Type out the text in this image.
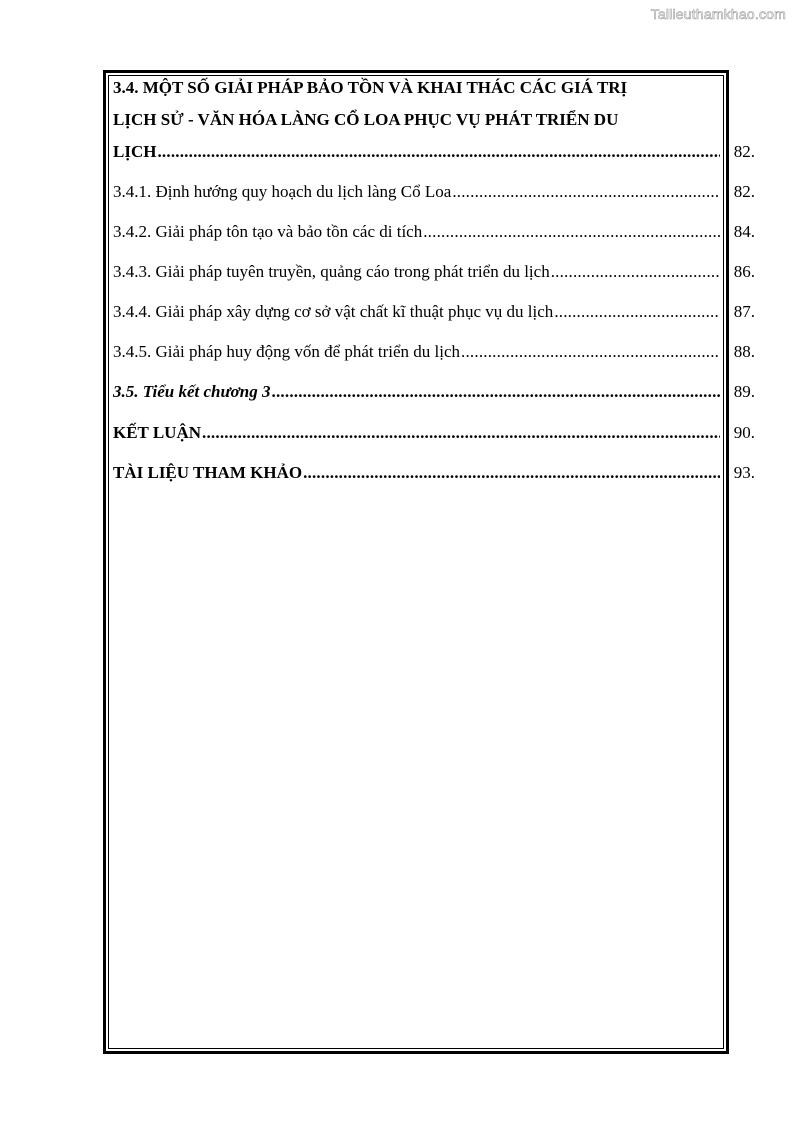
Tailieuthamkhao.com
3.4. MỘT SỐ GIẢI PHÁP BẢO TỒN VÀ KHAI THÁC CÁC GIÁ TRỊ
LỊCH SỬ - VĂN HÓA LÀNG CỔ LOA PHỤC VỤ PHÁT TRIỂN DU
LỊCH .....	82.
3.4.1. Định hướng quy hoạch du lịch làng Cổ Loa .....	82.
3.4.2. Giải pháp tôn tạo và bảo tồn các di tích .....	84.
3.4.3. Giải pháp tuyên truyền, quảng cáo trong phát triển du lịch .....	86.
3.4.4. Giải pháp xây dựng cơ sở vật chất kĩ thuật phục vụ du lịch .....	87.
3.4.5. Giải pháp huy động vốn để phát triển du lịch .....	88.
3.5. Tiểu kết chương 3 .....	89.
KẾT LUẬN .....	90.
TÀI LIỆU THAM KHẢO .....	93.
